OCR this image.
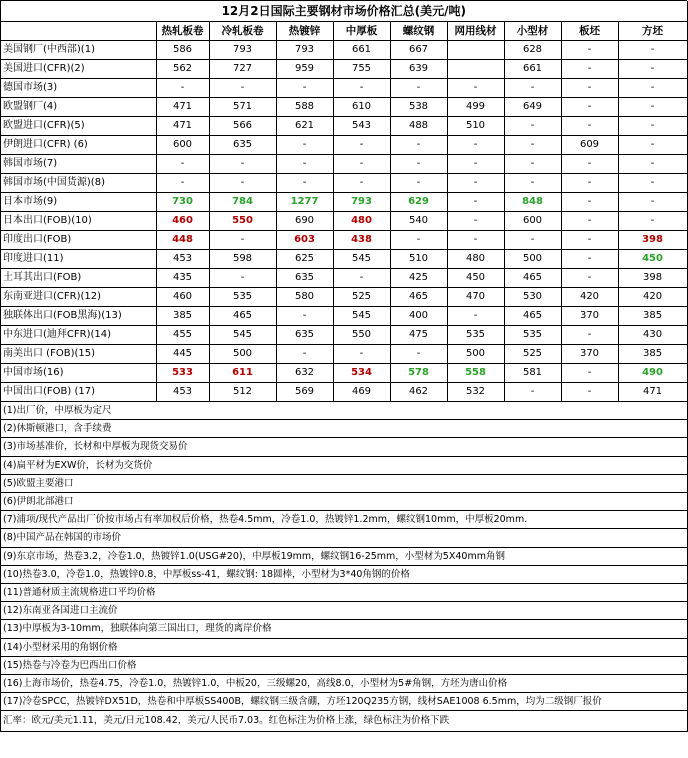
12月2日国际主要钢材市场价格汇总(美元/吨)									
	热轧板卷	冷轧板卷	热镀锌	中厚板	螺纹钢	网用线材	小型材	板坯	方坯
美国钢厂(中西部)(1)	586	793	793	661	667		628	-	-
美国进口(CFR)(2)	562	727	959	755	639		661	-	-
德国市场(3)	-	-	-	-	-	-	-	-	-
欧盟钢厂(4)	471	571	588	610	538	499	649	-	-
欧盟进口(CFR)(5)	471	566	621	543	488	510	-	-	-
伊朗进口(CFR) (6)	600	635	-	-	-	-	-	609	-
韩国市场(7)	-	-	-	-	-	-	-	-	-
韩国市场(中国货源)(8)	-	-	-	-	-	-	-	-	-
日本市场(9)	730	784	1277	793	629	-	848	-	-
日本出口(FOB)(10)	460	550	690	480	540	-	600	-	-
印度出口(FOB)	448	-	603	438	-	-	-	-	398
印度进口(11)	453	598	625	545	510	480	500	-	450
土耳其出口(FOB)	435	-	635	-	425	450	465	-	398
东南亚进口(CFR)(12)	460	535	580	525	465	470	530	420	420
独联体出口(FOB黑海)(13)	385	465	-	545	400	-	465	370	385
中东进口(迪拜CFR)(14)	455	545	635	550	475	535	535	-	430
南美出口 (FOB)(15)	445	500	-	-	-	500	525	370	385
中国市场(16)	533	611	632	534	578	558	581	-	490
中国出口(FOB) (17)	453	512	569	469	462	532	-	-	471
(1)出厂价，中厚板为定尺									
(2)休斯顿港口，含手续费									
(3)市场基准价，长材和中厚板为现货交易价									
(4)扁平材为EXW价，长材为交货价									
(5)欧盟主要港口									
(6)伊朗北部港口									
(7)浦项/现代产品出厂价按市场占有率加权后价格，热卷4.5mm，冷卷1.0，热镀锌1.2mm，螺纹钢10mm，中厚板20mm.									
(8)中国产品在韩国的市场价									
(9)东京市场，热卷3.2，冷卷1.0，热镀锌1.0(USG#20)，中厚板19mm，螺纹钢16-25mm，小型材为5X40mm角钢									
(10)热卷3.0，冷卷1.0，热镀锌0.8，中厚板ss-41，螺纹钢: 18圆棒，小型材为3*40角钢的价格									
(11)普通材质主流规格进口平均价格									
(12)东南亚各国进口主流价									
(13)中厚板为3-10mm，独联体向第三国出口，理货的离岸价格									
(14)小型材采用的角钢价格									
(15)热卷与冷卷为巴西出口价格									
(16)上海市场价，热卷4.75，冷卷1.0，热镀锌1.0，中板20，三级螺20，高线8.0，小型材为5#角钢，方坯为唐山价格									
(17)冷卷SPCC，热镀锌DX51D，热卷和中厚板SS400B，螺纹钢三级含硼，方坯120Q235方钢，线材SAE1008 6.5mm，均为二级钢厂报价									
汇率：欧元/美元1.11，美元/日元108.42，美元/人民币7.03。红色标注为价格上涨，绿色标注为价格下跌									
